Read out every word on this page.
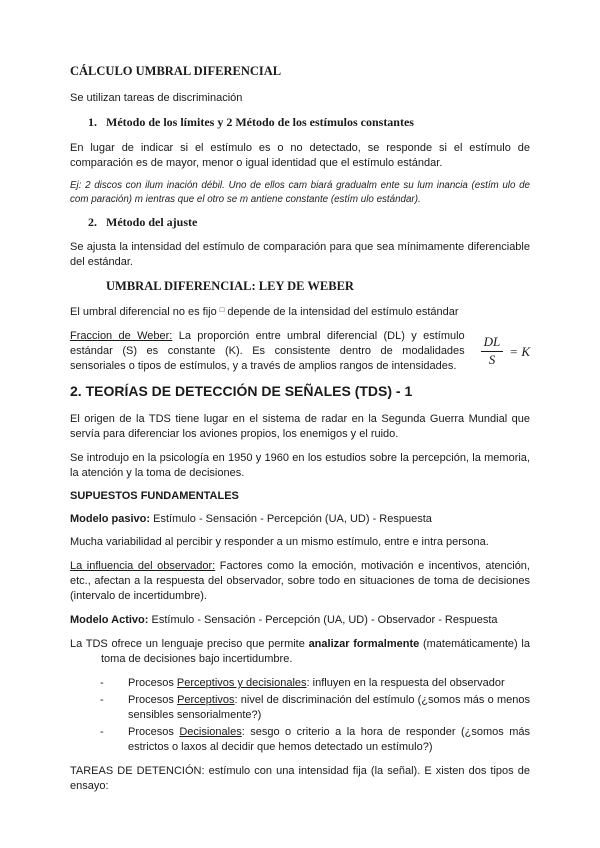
CÁLCULO UMBRAL DIFERENCIAL

Se utilizan tareas de discriminación

1. Método de los límites y 2 Método de los estímulos constantes

En lugar de indicar si el estímulo es o no detectado, se responde si el estímulo de comparación es de mayor, menor o igual identidad que el estímulo estándar.

Ej: 2 discos con ilum inación débil. Uno de ellos cam biará gradualm ente su lum inancia (estím ulo de com paración) m ientras que el otro se m antiene constante (estím ulo estándar).

2. Método del ajuste

Se ajusta la intensidad del estímulo de comparación para que sea mínimamente diferenciable del estándar.

UMBRAL DIFERENCIAL: LEY DE WEBER

El umbral diferencial no es fijo □ depende de la intensidad del estímulo estándar

Fraccion de Weber: La proporción entre umbral diferencial (DL) y estímulo estándar (S) es constante (K). Es consistente dentro de modalidades sensoriales o tipos de estímulos, y a través de amplios rangos de intensidades.	$\frac{DL}{S} = K$
2. TEORÍAS DE DETECCIÓN DE SEÑALES (TDS) - 1

El origen de la TDS tiene lugar en el sistema de radar en la Segunda Guerra Mundial que servía para diferenciar los aviones propios, los enemigos y el ruido.

Se introdujo en la psicología en 1950 y 1960 en los estudios sobre la percepción, la memoria, la atención y la toma de decisiones.

SUPUESTOS FUNDAMENTALES

Modelo pasivo: Estímulo - Sensación - Percepción (UA, UD) - Respuesta

Mucha variabilidad al percibir y responder a un mismo estímulo, entre e intra persona.

La influencia del observador: Factores como la emoción, motivación e incentivos, atención, etc., afectan a la respuesta del observador, sobre todo en situaciones de toma de decisiones (intervalo de incertidumbre).

Modelo Activo: Estímulo - Sensación - Percepción (UA, UD) - Observador - Respuesta

La TDS ofrece un lenguaje preciso que permite analizar formalmente (matemáticamente) la toma de decisiones bajo incertidumbre.

-	Procesos Perceptivos y decisionales: influyen en la respuesta del observador
-	Procesos Perceptivos: nivel de discriminación del estímulo (¿somos más o menos sensibles sensorialmente?)
-	Procesos Decisionales: sesgo o criterio a la hora de responder (¿somos más estrictos o laxos al decidir que hemos detectado un estímulo?)

TAREAS DE DETENCIÓN: estímulo con una intensidad fija (la señal). E xisten dos tipos de ensayo:
